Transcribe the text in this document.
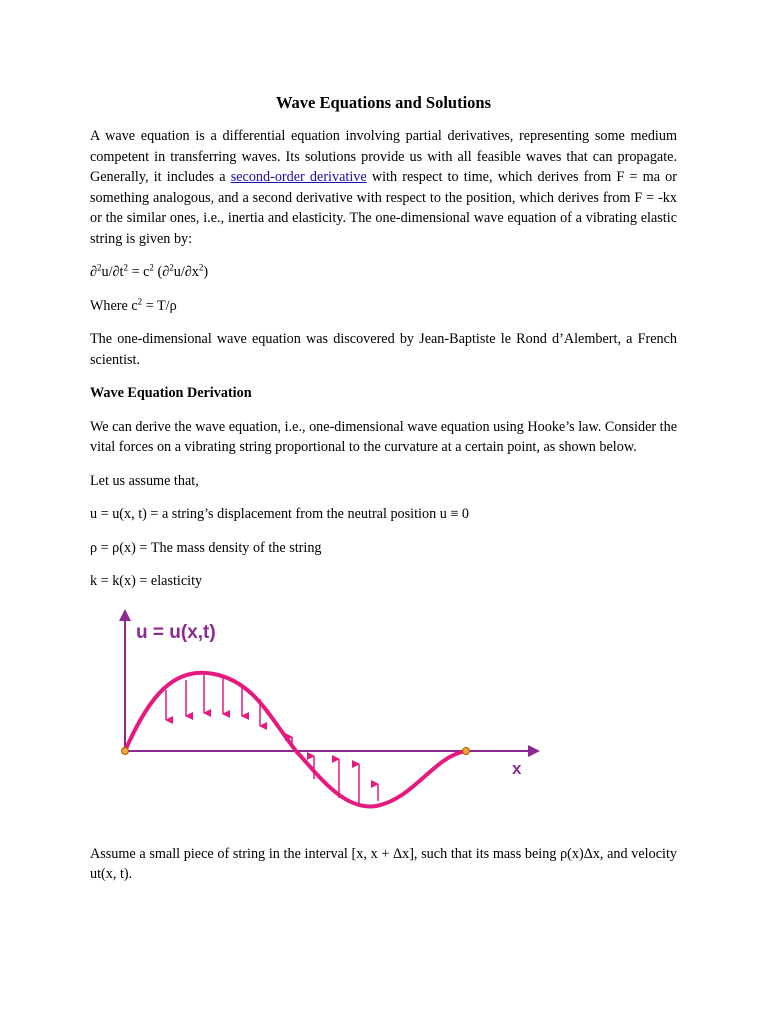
Wave Equations and Solutions

A wave equation is a differential equation involving partial derivatives, representing some medium competent in transferring waves. Its solutions provide us with all feasible waves that can propagate. Generally, it includes a second-order derivative with respect to time, which derives from F = ma or something analogous, and a second derivative with respect to the position, which derives from F = -kx or the similar ones, i.e., inertia and elasticity. The one-dimensional wave equation of a vibrating elastic string is given by:

$\partial^2u/\partial t^2 = c^2$ $(\partial^2u/\partial x^2)$

Where $c^2 = T/\rho$

The one-dimensional wave equation was discovered by Jean-Baptiste le Rond d’Alembert, a French scientist.

Wave Equation Derivation

We can derive the wave equation, i.e., one-dimensional wave equation using Hooke’s law. Consider the vital forces on a vibrating string proportional to the curvature at a certain point, as shown below.

Let us assume that,

u = u(x, t) = a string’s displacement from the neutral position u ≡ 0

ρ = ρ(x) = The mass density of the string

k = k(x) = elasticity

u = u(x,t)
x

Assume a small piece of string in the interval [x, x + Δx], such that its mass being ρ(x)Δx, and velocity ut(x, t).
